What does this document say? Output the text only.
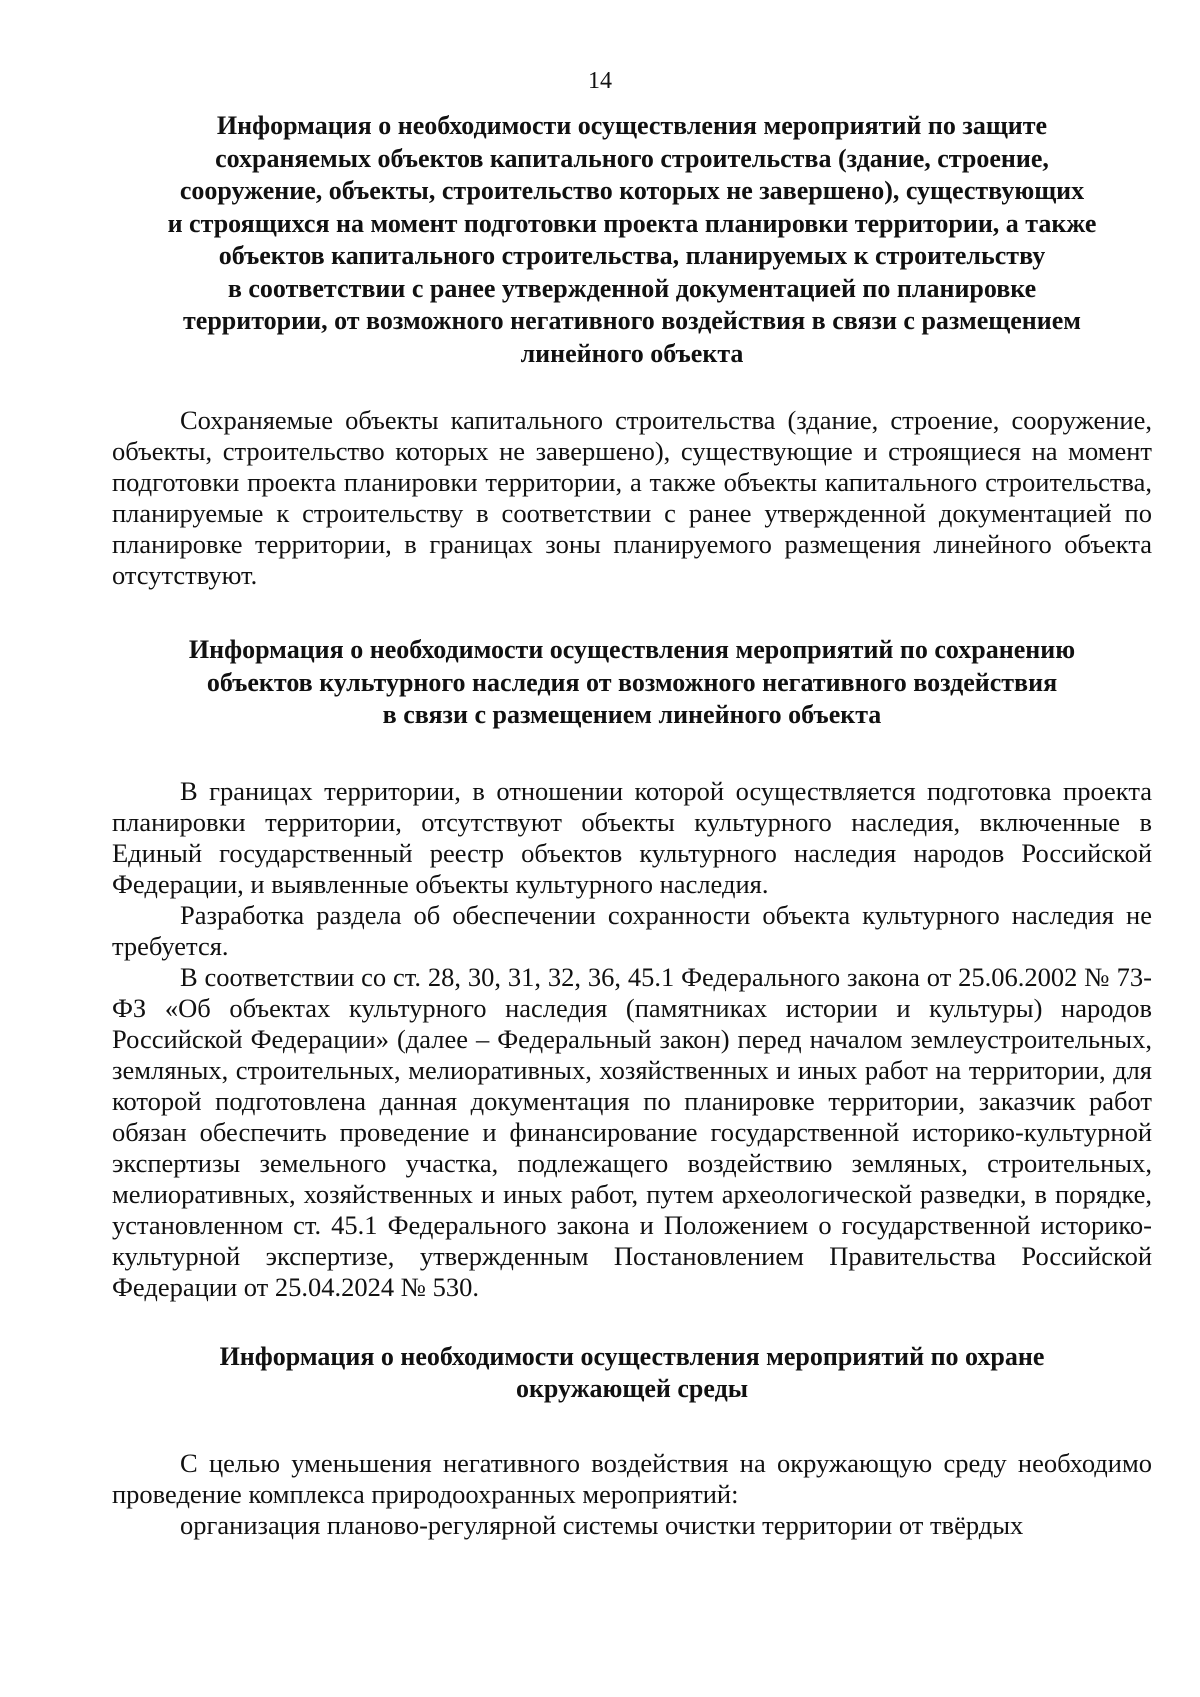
14
Информация о необходимости осуществления мероприятий по защите
сохраняемых объектов капитального строительства (здание, строение,
сооружение, объекты, строительство которых не завершено), существующих
и строящихся на момент подготовки проекта планировки территории, а также
объектов капитального строительства, планируемых к строительству
в соответствии с ранее утвержденной документацией по планировке
территории, от возможного негативного воздействия в связи с размещением
линейного объекта

Сохраняемые объекты капитального строительства (здание, строение, сооружение, объекты, строительство которых не завершено), существующие и строящиеся на момент подготовки проекта планировки территории, а также объекты капитального строительства, планируемые к строительству в соответствии с ранее утвержденной документацией по планировке территории, в границах зоны планируемого размещения линейного объекта отсутствуют.

Информация о необходимости осуществления мероприятий по сохранению
объектов культурного наследия от возможного негативного воздействия
в связи с размещением линейного объекта

В границах территории, в отношении которой осуществляется подготовка проекта планировки территории, отсутствуют объекты культурного наследия, включенные в Единый государственный реестр объектов культурного наследия народов Российской Федерации, и выявленные объекты культурного наследия.

Разработка раздела об обеспечении сохранности объекта культурного наследия не требуется.

В соответствии со ст. 28, 30, 31, 32, 36, 45.1 Федерального закона от 25.06.2002 № 73-ФЗ «Об объектах культурного наследия (памятниках истории и культуры) народов Российской Федерации» (далее – Федеральный закон) перед началом землеустроительных, земляных, строительных, мелиоративных, хозяйственных и иных работ на территории, для которой подготовлена данная документация по планировке территории, заказчик работ обязан обеспечить проведение и финансирование государственной историко-культурной экспертизы земельного участка, подлежащего воздействию земляных, строительных, мелиоративных, хозяйственных и иных работ, путем археологической разведки, в порядке, установленном ст. 45.1 Федерального закона и Положением о государственной историко-культурной экспертизе, утвержденным Постановлением Правительства Российской Федерации от 25.04.2024 № 530.

Информация о необходимости осуществления мероприятий по охране
окружающей среды

С целью уменьшения негативного воздействия на окружающую среду необходимо проведение комплекса природоохранных мероприятий:

организация планово-регулярной системы очистки территории от твёрдых
